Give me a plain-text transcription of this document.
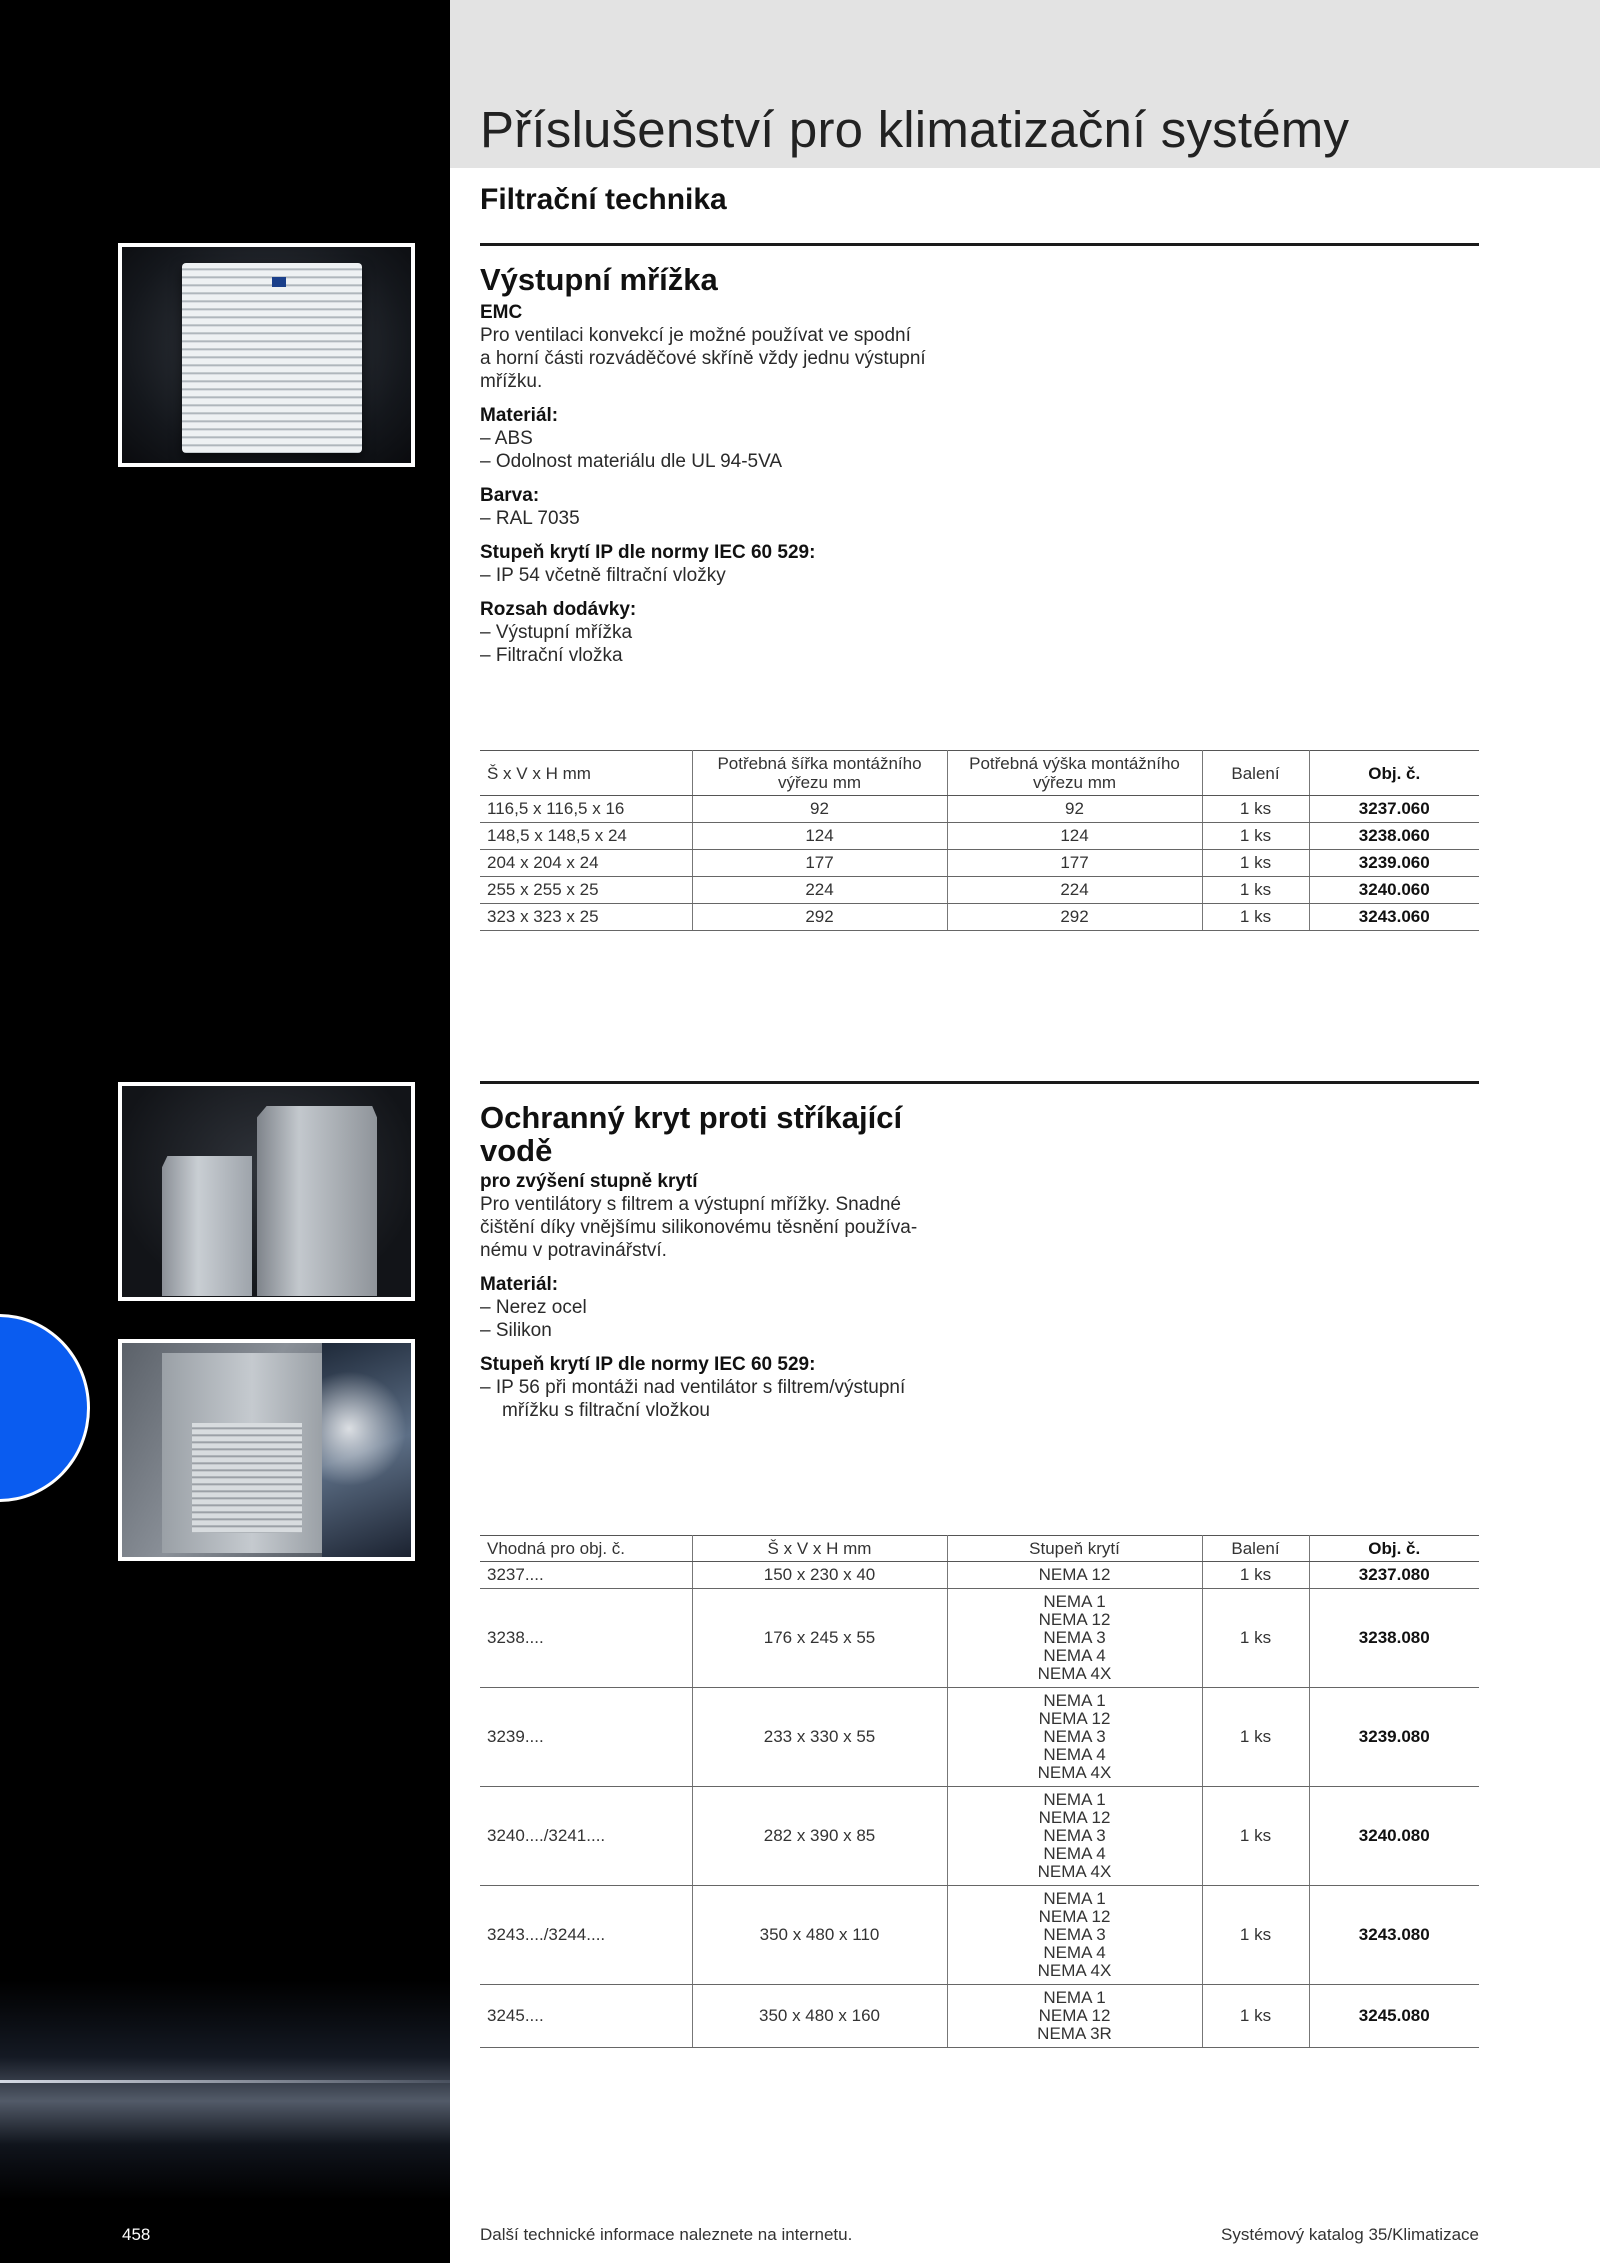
458
Příslušenství pro klimatizační systémy
Filtrační technika
Výstupní mřížka
EMC
Pro ventilaci konvekcí je možné používat ve spodní
a horní části rozváděčové skříně vždy jednu výstupní
mřížku.
Materiál:
– ABS
– Odolnost materiálu dle UL 94-5VA
Barva:
– RAL 7035
Stupeň krytí IP dle normy IEC 60 529:
– IP 54 včetně filtrační vložky
Rozsah dodávky:
– Výstupní mřížka
– Filtrační vložka
Š x V x H mm	Potřebná šířka montážního výřezu mm	Potřebná výška montážního výřezu mm	Balení	Obj. č.
116,5 x 116,5 x 16	92	92	1 ks	3237.060
148,5 x 148,5 x 24	124	124	1 ks	3238.060
204 x 204 x 24	177	177	1 ks	3239.060
255 x 255 x 25	224	224	1 ks	3240.060
323 x 323 x 25	292	292	1 ks	3243.060
Ochranný kryt proti stříkající
vodě
pro zvýšení stupně krytí
Pro ventilátory s filtrem a výstupní mřížky. Snadné
čištění díky vnějšímu silikonovému těsnění používa-
nému v potravinářství.
Materiál:
– Nerez ocel
– Silikon
Stupeň krytí IP dle normy IEC 60 529:
– IP 56 při montáži nad ventilátor s filtrem/výstupní mřížku s filtrační vložkou
Vhodná pro obj. č.	Š x V x H mm	Stupeň krytí	Balení	Obj. č.
3237....	150 x 230 x 40	NEMA 12	1 ks	3237.080
3238....	176 x 245 x 55	NEMA 1
NEMA 12
NEMA 3
NEMA 4
NEMA 4X	1 ks	3238.080
3239....	233 x 330 x 55	NEMA 1
NEMA 12
NEMA 3
NEMA 4
NEMA 4X	1 ks	3239.080
3240..../3241....	282 x 390 x 85	NEMA 1
NEMA 12
NEMA 3
NEMA 4
NEMA 4X	1 ks	3240.080
3243..../3244....	350 x 480 x 110	NEMA 1
NEMA 12
NEMA 3
NEMA 4
NEMA 4X	1 ks	3243.080
3245....	350 x 480 x 160	NEMA 1
NEMA 12
NEMA 3R	1 ks	3245.080
Další technické informace naleznete na internetu.	Systémový katalog 35/Klimatizace
